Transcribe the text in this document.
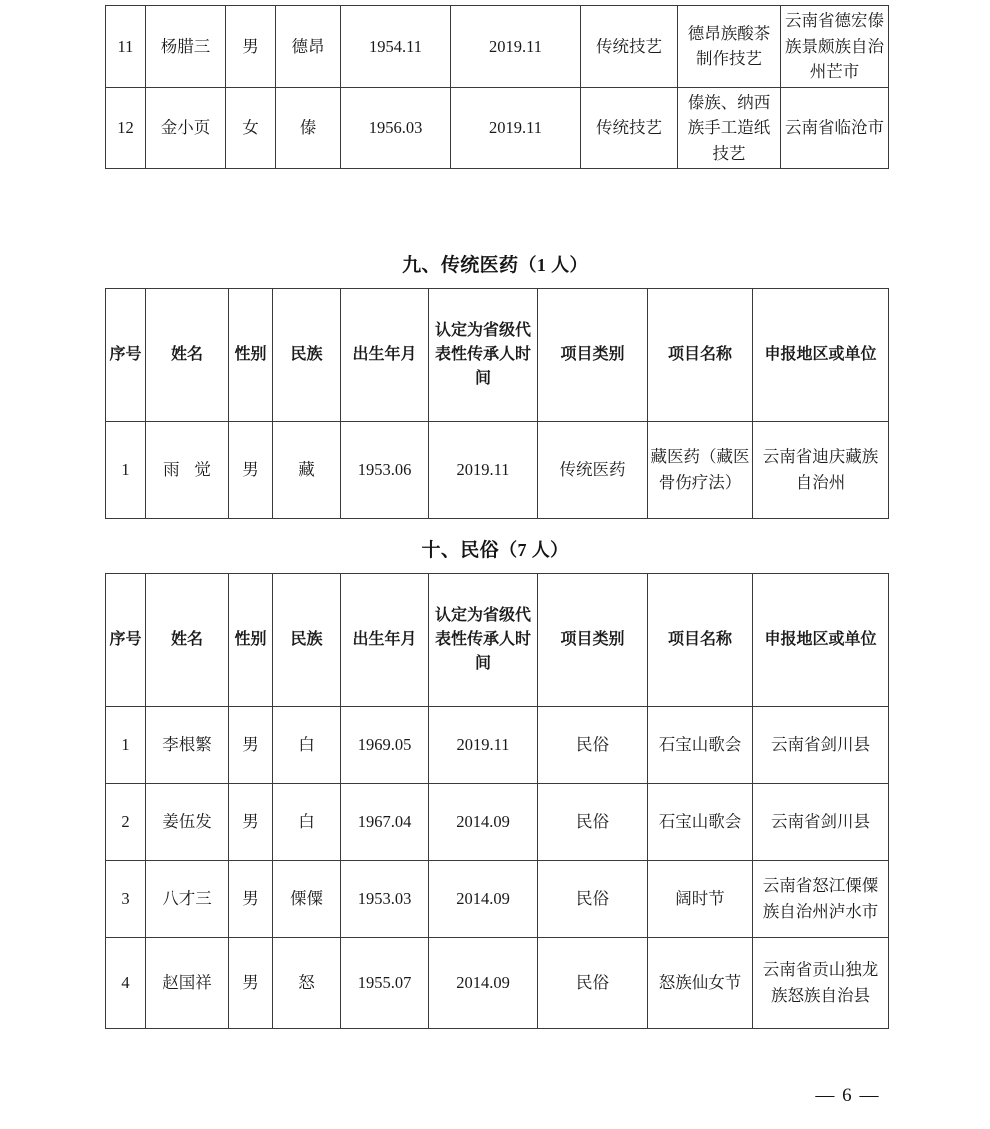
11	杨腊三	男	德昂	1954.11	2019.11	传统技艺	德昂族酸茶制作技艺	云南省德宏傣族景颇族自治州芒市
12	金小页	女	傣	1956.03	2019.11	传统技艺	傣族、纳西族手工造纸技艺	云南省临沧市
九、传统医药（1 人）
序号	姓名	性别	民族	出生年月	认定为省级代表性传承人时间	项目类别	项目名称	申报地区或单位
1	雨觉	男	藏	1953.06	2019.11	传统医药	藏医药（藏医骨伤疗法）	云南省迪庆藏族自治州
十、民俗（7 人）
序号	姓名	性别	民族	出生年月	认定为省级代表性传承人时间	项目类别	项目名称	申报地区或单位
1	李根繁	男	白	1969.05	2019.11	民俗	石宝山歌会	云南省剑川县
2	姜伍发	男	白	1967.04	2014.09	民俗	石宝山歌会	云南省剑川县
3	八才三	男	傈僳	1953.03	2014.09	民俗	阔时节	云南省怒江傈僳族自治州泸水市
4	赵国祥	男	怒	1955.07	2014.09	民俗	怒族仙女节	云南省贡山独龙族怒族自治县
— 6 —
